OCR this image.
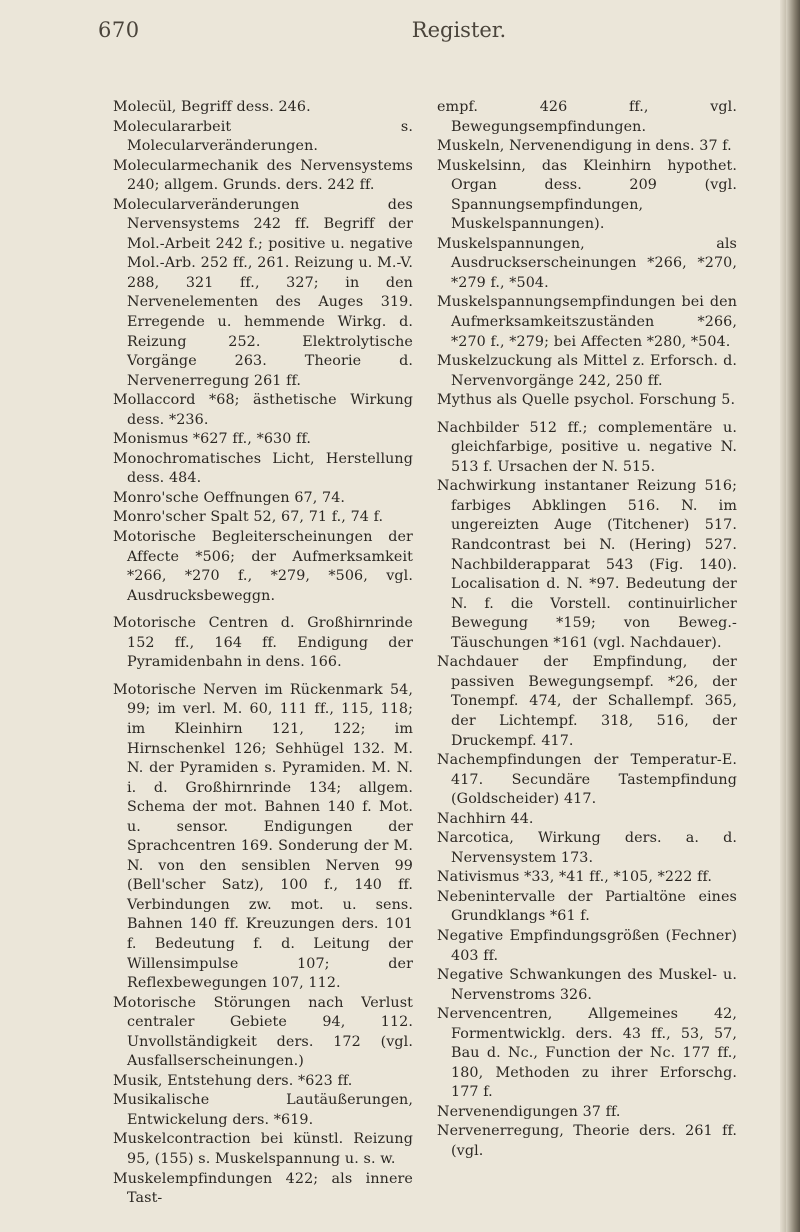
670	Register.
Molecül, Begriff dess. 246.
Moleculararbeit s. Molecularveränderungen.
Molecularmechanik des Nervensystems 240; allgem. Grunds. ders. 242 ff.
Molecularveränderungen des Nervensystems 242 ff. Begriff der Mol.-Arbeit 242 f.; positive u. negative Mol.-Arb. 252 ff., 261. Reizung u. M.-V. 288, 321 ff., 327; in den Nervenelementen des Auges 319. Erregende u. hemmende Wirkg. d. Reizung 252. Elektrolytische Vorgänge 263. Theorie d. Nervenerregung 261 ff.
Mollaccord *68; ästhetische Wirkung dess. *236.
Monismus *627 ff., *630 ff.
Monochromatisches Licht, Herstellung dess. 484.
Monro'sche Oeffnungen 67, 74.
Monro'scher Spalt 52, 67, 71 f., 74 f.
Motorische Begleiterscheinungen der Affecte *506; der Aufmerksamkeit *266, *270 f., *279, *506, vgl. Ausdrucksbeweggn.
Motorische Centren d. Großhirnrinde 152 ff., 164 ff. Endigung der Pyramidenbahn in dens. 166.
Motorische Nerven im Rückenmark 54, 99; im verl. M. 60, 111 ff., 115, 118; im Kleinhirn 121, 122; im Hirnschenkel 126; Sehhügel 132. M. N. der Pyramiden s. Pyramiden. M. N. i. d. Großhirnrinde 134; allgem. Schema der mot. Bahnen 140 f. Mot. u. sensor. Endigungen der Sprachcentren 169. Sonderung der M. N. von den sensiblen Nerven 99 (Bell'scher Satz), 100 f., 140 ff. Verbindungen zw. mot. u. sens. Bahnen 140 ff. Kreuzungen ders. 101 f. Bedeutung f. d. Leitung der Willensimpulse 107; der Reflexbewegungen 107, 112.
Motorische Störungen nach Verlust centraler Gebiete 94, 112. Unvollständigkeit ders. 172 (vgl. Ausfallserscheinungen.)
Musik, Entstehung ders. *623 ff.
Musikalische Lautäußerungen, Entwickelung ders. *619.
Muskelcontraction bei künstl. Reizung 95, (155) s. Muskelspannung u. s. w.
Muskelempfindungen 422; als innere Tast-
empf. 426 ff., vgl. Bewegungsempfindungen.
Muskeln, Nervenendigung in dens. 37 f.
Muskelsinn, das Kleinhirn hypothet. Organ dess. 209 (vgl. Spannungsempfindungen, Muskelspannungen).
Muskelspannungen, als Ausdruckserscheinungen *266, *270, *279 f., *504.
Muskelspannungsempfindungen bei den Aufmerksamkeitszuständen *266, *270 f., *279; bei Affecten *280, *504.
Muskelzuckung als Mittel z. Erforsch. d. Nervenvorgänge 242, 250 ff.
Mythus als Quelle psychol. Forschung 5.
Nachbilder 512 ff.; complementäre u. gleichfarbige, positive u. negative N. 513 f. Ursachen der N. 515.
Nachwirkung instantaner Reizung 516; farbiges Abklingen 516. N. im ungereizten Auge (Titchener) 517. Randcontrast bei N. (Hering) 527. Nachbilderapparat 543 (Fig. 140). Localisation d. N. *97. Bedeutung der N. f. die Vorstell. continuirlicher Bewegung *159; von Beweg.-Täuschungen *161 (vgl. Nachdauer).
Nachdauer der Empfindung, der passiven Bewegungsempf. *26, der Tonempf. 474, der Schallempf. 365, der Lichtempf. 318, 516, der Druckempf. 417.
Nachempfindungen der Temperatur-E. 417. Secundäre Tastempfindung (Goldscheider) 417.
Nachhirn 44.
Narcotica, Wirkung ders. a. d. Nervensystem 173.
Nativismus *33, *41 ff., *105, *222 ff.
Nebenintervalle der Partialtöne eines Grundklangs *61 f.
Negative Empfindungsgrößen (Fechner) 403 ff.
Negative Schwankungen des Muskel- u. Nervenstroms 326.
Nervencentren, Allgemeines 42, Formentwicklg. ders. 43 ff., 53, 57, Bau d. Nc., Function der Nc. 177 ff., 180, Methoden zu ihrer Erforschg. 177 f.
Nervenendigungen 37 ff.
Nervenerregung, Theorie ders. 261 ff. (vgl.
